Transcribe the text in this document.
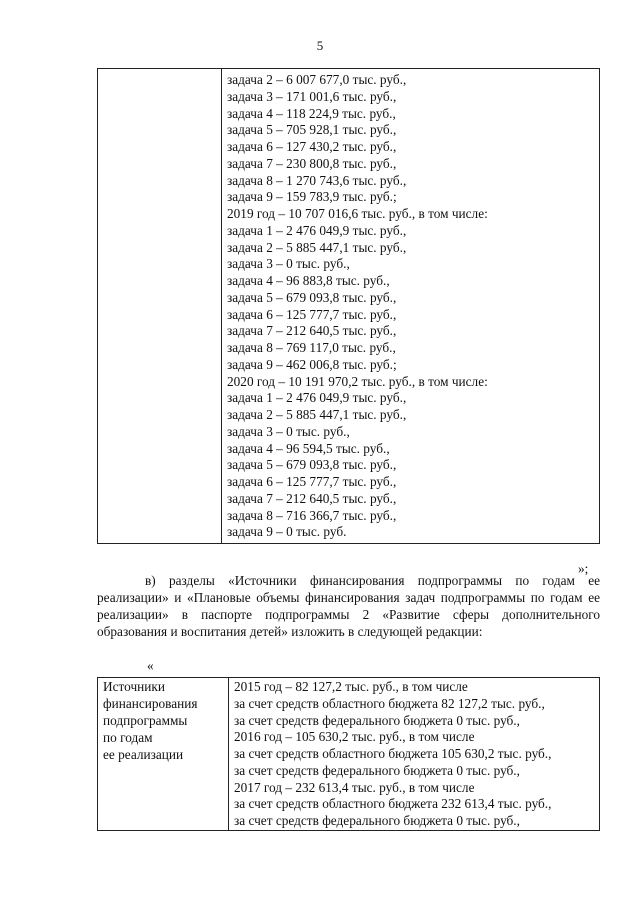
5

задача 2 – 6 007 677,0 тыс. руб.,
задача 3 – 171 001,6 тыс. руб.,
задача 4 – 118 224,9 тыс. руб.,
задача 5 – 705 928,1 тыс. руб.,
задача 6 – 127 430,2 тыс. руб.,
задача 7 – 230 800,8 тыс. руб.,
задача 8 – 1 270 743,6 тыс. руб.,
задача 9 – 159 783,9 тыс. руб.;
2019 год – 10 707 016,6 тыс. руб., в том числе:
задача 1 – 2 476 049,9 тыс. руб.,
задача 2 – 5 885 447,1 тыс. руб.,
задача 3 – 0 тыс. руб.,
задача 4 – 96 883,8 тыс. руб.,
задача 5 – 679 093,8 тыс. руб.,
задача 6 – 125 777,7 тыс. руб.,
задача 7 – 212 640,5 тыс. руб.,
задача 8 – 769 117,0 тыс. руб.,
задача 9 – 462 006,8 тыс. руб.;
2020 год – 10 191 970,2 тыс. руб., в том числе:
задача 1 – 2 476 049,9 тыс. руб.,
задача 2 – 5 885 447,1 тыс. руб.,
задача 3 – 0 тыс. руб.,
задача 4 – 96 594,5 тыс. руб.,
задача 5 – 679 093,8 тыс. руб.,
задача 6 – 125 777,7 тыс. руб.,
задача 7 – 212 640,5 тыс. руб.,
задача 8 – 716 366,7 тыс. руб.,
задача 9 – 0 тыс. руб.
»;

в) разделы «Источники финансирования подпрограммы по годам ее реализации» и «Плановые объемы финансирования задач подпрограммы по годам ее реализации» в паспорте подпрограммы 2 «Развитие сферы дополнительного образования и воспитания детей» изложить в следующей редакции:

«
Источники
финансирования
подпрограммы
по годам
ее реализации

2015 год – 82 127,2 тыс. руб., в том числе
за счет средств областного бюджета 82 127,2 тыс. руб.,
за счет средств федерального бюджета 0 тыс. руб.,
2016 год – 105 630,2 тыс. руб., в том числе
за счет средств областного бюджета 105 630,2 тыс. руб.,
за счет средств федерального бюджета 0 тыс. руб.,
2017 год – 232 613,4 тыс. руб., в том числе
за счет средств областного бюджета 232 613,4 тыс. руб.,
за счет средств федерального бюджета 0 тыс. руб.,
